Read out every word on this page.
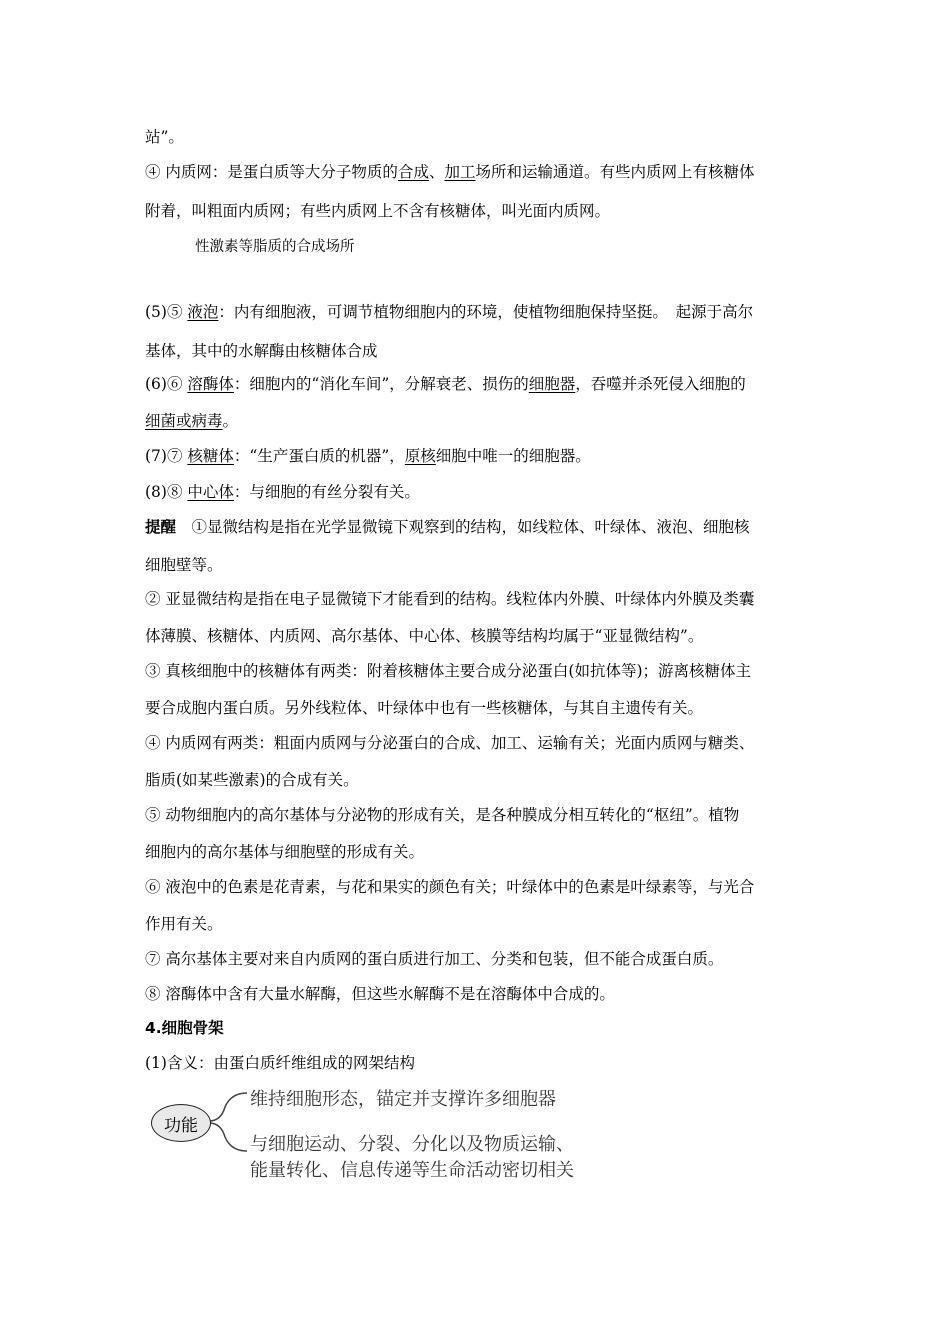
站”。
④ 内质网：是蛋白质等大分子物质的合成、加工场所和运输通道。有些内质网上有核糖体
附着，叫粗面内质网；有些内质网上不含有核糖体，叫光面内质网。
性激素等脂质的合成场所
(5)⑤ 液泡：内有细胞液，可调节植物细胞内的环境，使植物细胞保持坚挺。　起源于高尔
基体，其中的水解酶由核糖体合成
(6)⑥ 溶酶体：细胞内的“消化车间”，分解衰老、损伤的细胞器，吞噬并杀死侵入细胞的
细菌或病毒。
(7)⑦ 核糖体：“生产蛋白质的机器”，原核细胞中唯一的细胞器。
(8)⑧ 中心体：与细胞的有丝分裂有关。
提醒　①显微结构是指在光学显微镜下观察到的结构，如线粒体、叶绿体、液泡、细胞核
细胞壁等。
② 亚显微结构是指在电子显微镜下才能看到的结构。线粒体内外膜、叶绿体内外膜及类囊
体薄膜、核糖体、内质网、高尔基体、中心体、核膜等结构均属于“亚显微结构”。
③ 真核细胞中的核糖体有两类：附着核糖体主要合成分泌蛋白(如抗体等)；游离核糖体主
要合成胞内蛋白质。另外线粒体、叶绿体中也有一些核糖体，与其自主遗传有关。
④ 内质网有两类：粗面内质网与分泌蛋白的合成、加工、运输有关；光面内质网与糖类、
脂质(如某些激素)的合成有关。
⑤ 动物细胞内的高尔基体与分泌物的形成有关，是各种膜成分相互转化的“枢纽”。植物
细胞内的高尔基体与细胞壁的形成有关。
⑥ 液泡中的色素是花青素，与花和果实的颜色有关；叶绿体中的色素是叶绿素等，与光合
作用有关。
⑦ 高尔基体主要对来自内质网的蛋白质进行加工、分类和包装，但不能合成蛋白质。
⑧ 溶酶体中含有大量水解酶，但这些水解酶不是在溶酶体中合成的。
4.细胞骨架
(1)含义：由蛋白质纤维组成的网架结构
功能
维持细胞形态，锚定并支撑许多细胞器
与细胞运动、分裂、分化以及物质运输、
能量转化、信息传递等生命活动密切相关
